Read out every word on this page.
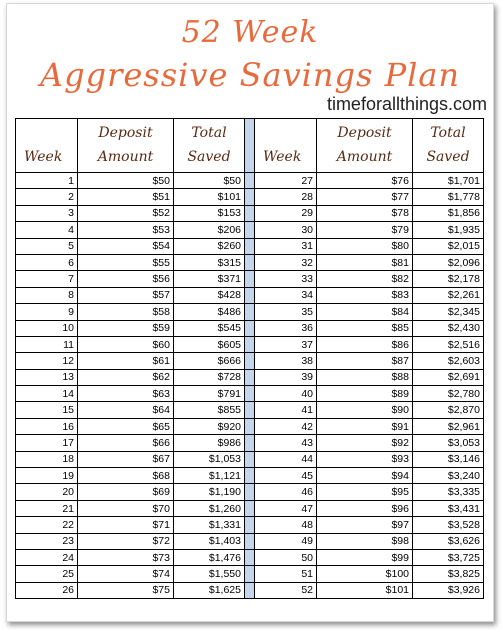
52 Week
Aggressive Savings Plan
timeforallthings.com
Week	Deposit Amount	Total Saved		Week	Deposit Amount	Total Saved
1	$50	$50		27	$76	$1,701
2	$51	$101		28	$77	$1,778
3	$52	$153		29	$78	$1,856
4	$53	$206		30	$79	$1,935
5	$54	$260		31	$80	$2,015
6	$55	$315		32	$81	$2,096
7	$56	$371		33	$82	$2,178
8	$57	$428		34	$83	$2,261
9	$58	$486		35	$84	$2,345
10	$59	$545		36	$85	$2,430
11	$60	$605		37	$86	$2,516
12	$61	$666		38	$87	$2,603
13	$62	$728		39	$88	$2,691
14	$63	$791		40	$89	$2,780
15	$64	$855		41	$90	$2,870
16	$65	$920		42	$91	$2,961
17	$66	$986		43	$92	$3,053
18	$67	$1,053		44	$93	$3,146
19	$68	$1,121		45	$94	$3,240
20	$69	$1,190		46	$95	$3,335
21	$70	$1,260		47	$96	$3,431
22	$71	$1,331		48	$97	$3,528
23	$72	$1,403		49	$98	$3,626
24	$73	$1,476		50	$99	$3,725
25	$74	$1,550		51	$100	$3,825
26	$75	$1,625		52	$101	$3,926
